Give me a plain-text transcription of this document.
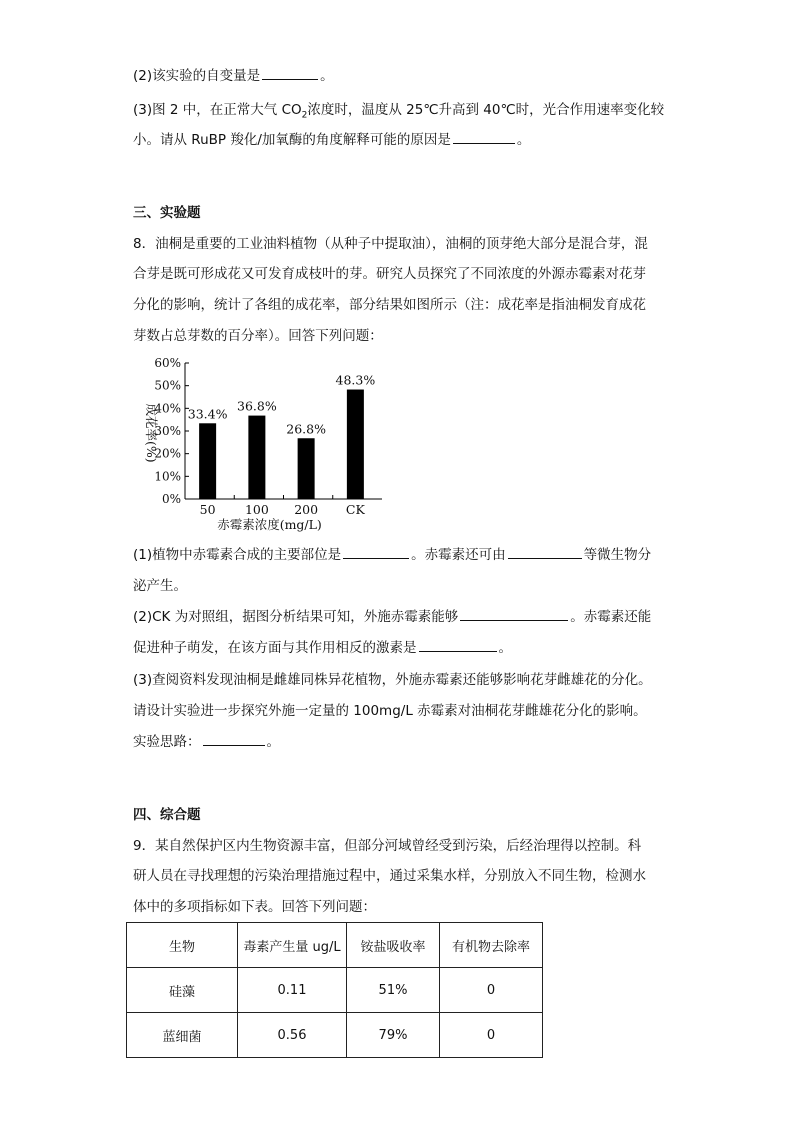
(2)该实验的自变量是	。
(3)图 2 中，在正常大气 $CO_2$浓度时，温度从 25℃升高到 40℃时，光合作用速率变化较
小。请从 RuBP 羧化/加氧酶的角度解释可能的原因是	。
三、实验题
8．油桐是重要的工业油料植物（从种子中提取油），油桐的顶芽绝大部分是混合芽，混
合芽是既可形成花又可发育成枝叶的芽。研究人员探究了不同浓度的外源赤霉素对花芽
分化的影响，统计了各组的成花率，部分结果如图所示（注：成花率是指油桐发育成花
芽数占总芽数的百分率）。回答下列问题：
0%
10%
20%
30%
40%
50%
60%
33.4%
50
36.8%
100
26.8%
200
48.3%
CK
赤霉素浓度(mg/L)
成花率(%)
(1)植物中赤霉素合成的主要部位是	。赤霉素还可由	等微生物分
泌产生。
(2)CK 为对照组，据图分析结果可知，外施赤霉素能够	。赤霉素还能
促进种子萌发，在该方面与其作用相反的激素是	。
(3)查阅资料发现油桐是雌雄同株异花植物，外施赤霉素还能够影响花芽雌雄花的分化。
请设计实验进一步探究外施一定量的 100mg/L 赤霉素对油桐花芽雌雄花分化的影响。
实验思路：	。
四、综合题
9．某自然保护区内生物资源丰富，但部分河域曾经受到污染，后经治理得以控制。科
研人员在寻找理想的污染治理措施过程中，通过采集水样，分别放入不同生物，检测水
体中的多项指标如下表。回答下列问题：
生物	毒素产生量 ug/L	铵盐吸收率	有机物去除率
硅藻	0.11	51%	0
蓝细菌	0.56	79%	0
